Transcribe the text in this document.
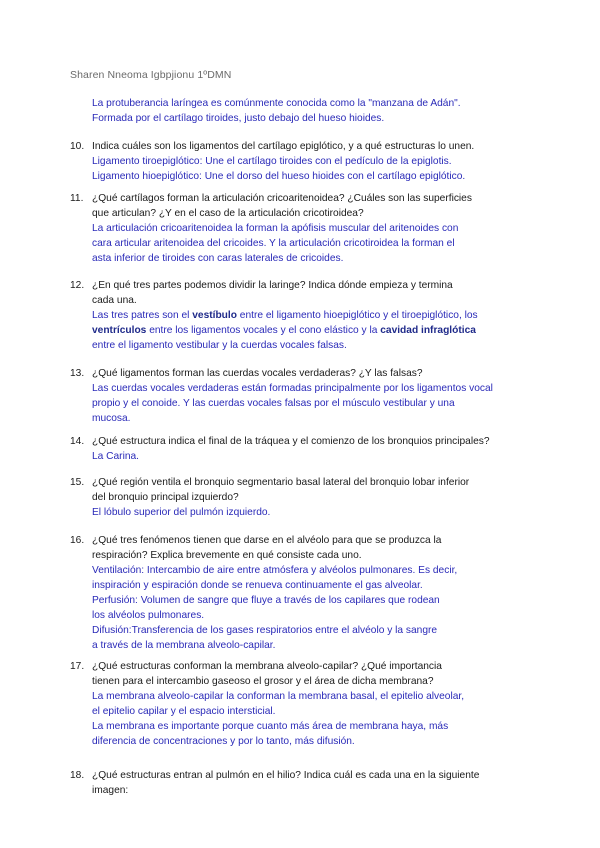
Sharen Nneoma Igbpjionu 1ºDMN
La protuberancia laríngea es comúnmente conocida como la "manzana de Adán".
Formada por el cartílago tiroides, justo debajo del hueso hioides.
10. Indica cuáles son los ligamentos del cartílago epiglótico, y a qué estructuras lo unen.
Ligamento tiroepiglótico: Une el cartílago tiroides con el pedículo de la epiglotis.
Ligamento hioepiglótico: Une el dorso del hueso hioides con el cartílago epiglótico.
11. ¿Qué cartílagos forman la articulación cricoaritenoidea? ¿Cuáles son las superficies
que articulan? ¿Y en el caso de la articulación cricotiroidea?
La articulación cricoaritenoidea la forman la apófisis muscular del aritenoides con
cara articular aritenoidea del cricoides. Y la articulación cricotiroidea la forman el
asta inferior de tiroides con caras laterales de cricoides.
12. ¿En qué tres partes podemos dividir la laringe? Indica dónde empieza y termina
cada una.
Las tres patres son el vestíbulo entre el ligamento hioepiglótico y el tiroepiglótico, los
ventrículos entre los ligamentos vocales y el cono elástico y la cavidad infraglótica
entre el ligamento vestibular y la cuerdas vocales falsas.
13. ¿Qué ligamentos forman las cuerdas vocales verdaderas? ¿Y las falsas?
Las cuerdas vocales verdaderas están formadas principalmente por los ligamentos vocal
propio y el conoide. Y las cuerdas vocales falsas por el músculo vestibular y una
mucosa.
14. ¿Qué estructura indica el final de la tráquea y el comienzo de los bronquios principales?
La Carina.
15. ¿Qué región ventila el bronquio segmentario basal lateral del bronquio lobar inferior
del bronquio principal izquierdo?
El lóbulo superior del pulmón izquierdo.
16. ¿Qué tres fenómenos tienen que darse en el alvéolo para que se produzca la
respiración? Explica brevemente en qué consiste cada uno.
Ventilación: Intercambio de aire entre atmósfera y alvéolos pulmonares. Es decir,
inspiración y espiración donde se renueva continuamente el gas alveolar.
Perfusión: Volumen de sangre que fluye a través de los capilares que rodean
los alvéolos pulmonares.
Difusión:Transferencia de los gases respiratorios entre el alvéolo y la sangre
a través de la membrana alveolo-capilar.
17. ¿Qué estructuras conforman la membrana alveolo-capilar? ¿Qué importancia
tienen para el intercambio gaseoso el grosor y el área de dicha membrana?
La membrana alveolo-capilar la conforman la membrana basal, el epitelio alveolar,
el epitelio capilar y el espacio intersticial.
La membrana es importante porque cuanto más área de membrana haya, más
diferencia de concentraciones y por lo tanto, más difusión.
18. ¿Qué estructuras entran al pulmón en el hilio? Indica cuál es cada una en la siguiente
imagen:
